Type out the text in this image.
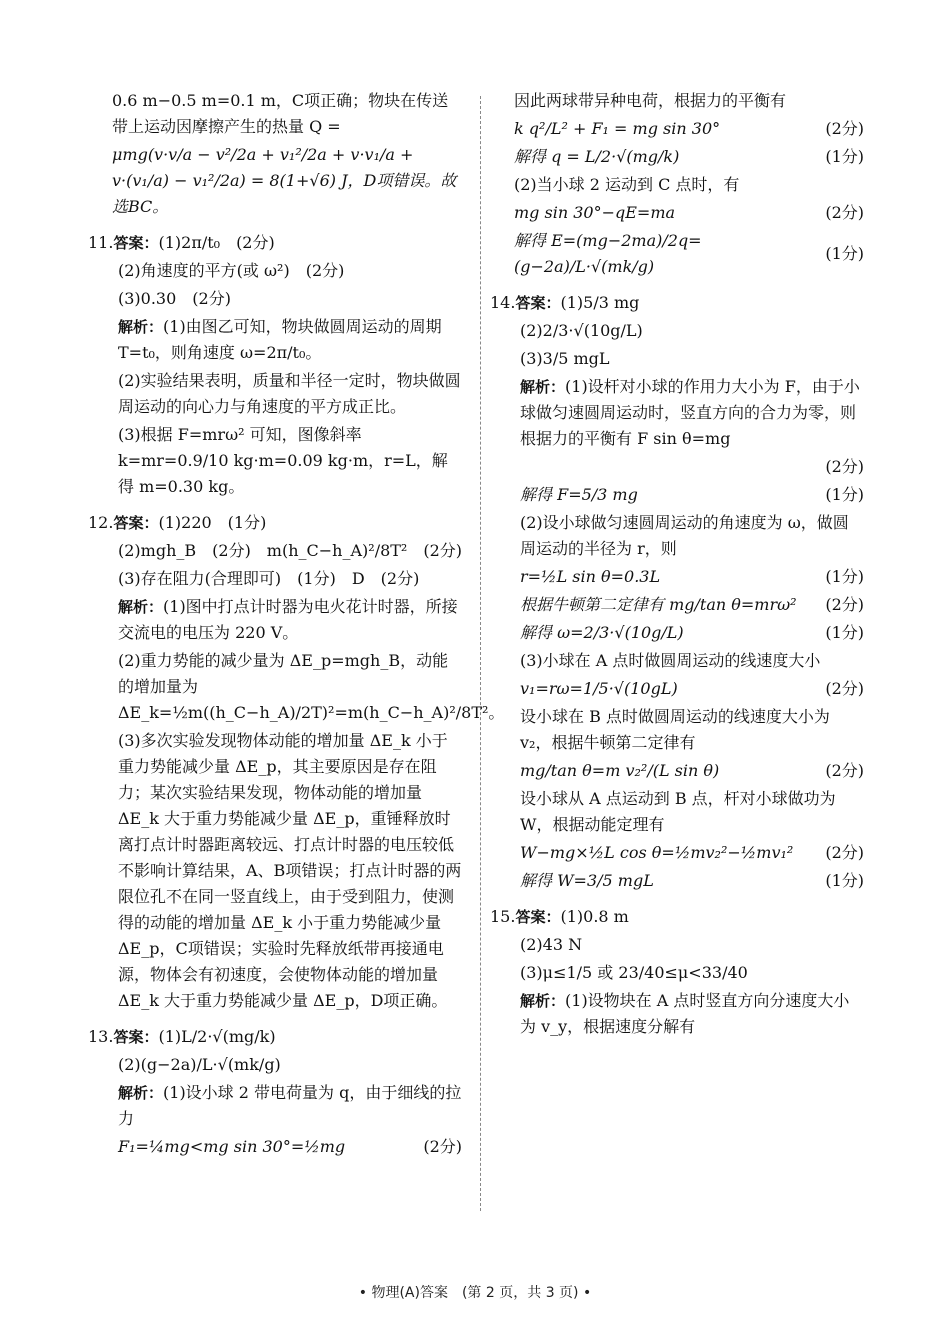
0.6 m−0.5 m=0.1 m，C项正确；物块在传送带上运动因摩擦产生的热量 Q =

μmg(v·v/a − v²/2a + v₁²/2a + v·v₁/a + v·(v₁/a) − v₁²/2a) = 8(1+√6) J，D项错误。故选BC。

11.答案：(1)2π/t₀　(2分)

(2)角速度的平方(或 ω²)　(2分)

(3)0.30　(2分)

解析：(1)由图乙可知，物块做圆周运动的周期 T=t₀，则角速度 ω=2π/t₀。

(2)实验结果表明，质量和半径一定时，物块做圆周运动的向心力与角速度的平方成正比。

(3)根据 F=mrω² 可知，图像斜率 k=mr=0.9/10 kg·m=0.09 kg·m，r=L，解得 m=0.30 kg。

12.答案：(1)220　(1分)

(2)mgh_B　(2分)　m(h_C−h_A)²/8T²　(2分)

(3)存在阻力(合理即可)　(1分)　D　(2分)

解析：(1)图中打点计时器为电火花计时器，所接交流电的电压为 220 V。

(2)重力势能的减少量为 ΔE_p=mgh_B，动能的增加量为 ΔE_k=½m((h_C−h_A)/2T)²=m(h_C−h_A)²/8T²。

(3)多次实验发现物体动能的增加量 ΔE_k 小于重力势能减少量 ΔE_p，其主要原因是存在阻力；某次实验结果发现，物体动能的增加量 ΔE_k 大于重力势能减少量 ΔE_p，重锤释放时离打点计时器距离较远、打点计时器的电压较低不影响计算结果，A、B项错误；打点计时器的两限位孔不在同一竖直线上，由于受到阻力，使测得的动能的增加量 ΔE_k 小于重力势能减少量 ΔE_p，C项错误；实验时先释放纸带再接通电源，物体会有初速度，会使物体动能的增加量 ΔE_k 大于重力势能减少量 ΔE_p，D项正确。

13.答案：(1)L/2·√(mg/k)

(2)(g−2a)/L·√(mk/g)

解析：(1)设小球 2 带电荷量为 q，由于细线的拉力

F₁=¼mg<mg sin 30°=½mg	(2分)

因此两球带异种电荷，根据力的平衡有

k q²/L² + F₁ = mg sin 30°	(2分)
解得 q = L/2·√(mg/k)	(1分)

(2)当小球 2 运动到 C 点时，有

mg sin 30°−qE=ma	(2分)
解得 E=(mg−2ma)/2q=(g−2a)/L·√(mk/g)
(1分)
14.答案：(1)5/3 mg

(2)2/3·√(10g/L)

(3)3/5 mgL

解析：(1)设杆对小球的作用力大小为 F，由于小球做匀速圆周运动时，竖直方向的合力为零，则根据力的平衡有 F sin θ=mg

(2分)
解得 F=5/3 mg	(1分)

(2)设小球做匀速圆周运动的角速度为 ω，做圆周运动的半径为 r，则

r=½L sin θ=0.3L	(1分)
根据牛顿第二定律有 mg/tan θ=mrω² (2分)
解得 ω=2/3·√(10g/L)	(1分)

(3)小球在 A 点时做圆周运动的线速度大小

v₁=rω=1/5·√(10gL)	(2分)

设小球在 B 点时做圆周运动的线速度大小为 v₂，根据牛顿第二定律有

mg/tan θ=m v₂²/(L sin θ)	(2分)

设小球从 A 点运动到 B 点，杆对小球做功为 W，根据动能定理有

W−mg×½L cos θ=½mv₂²−½mv₁² (2分)
解得 W=3/5 mgL	(1分)
15.答案：(1)0.8 m

(2)43 N

(3)μ≤1/5 或 23/40≤μ<33/40

解析：(1)设物块在 A 点时竖直方向分速度大小为 v_y，根据速度分解有

• 物理(A)答案　(第 2 页，共 3 页) •
